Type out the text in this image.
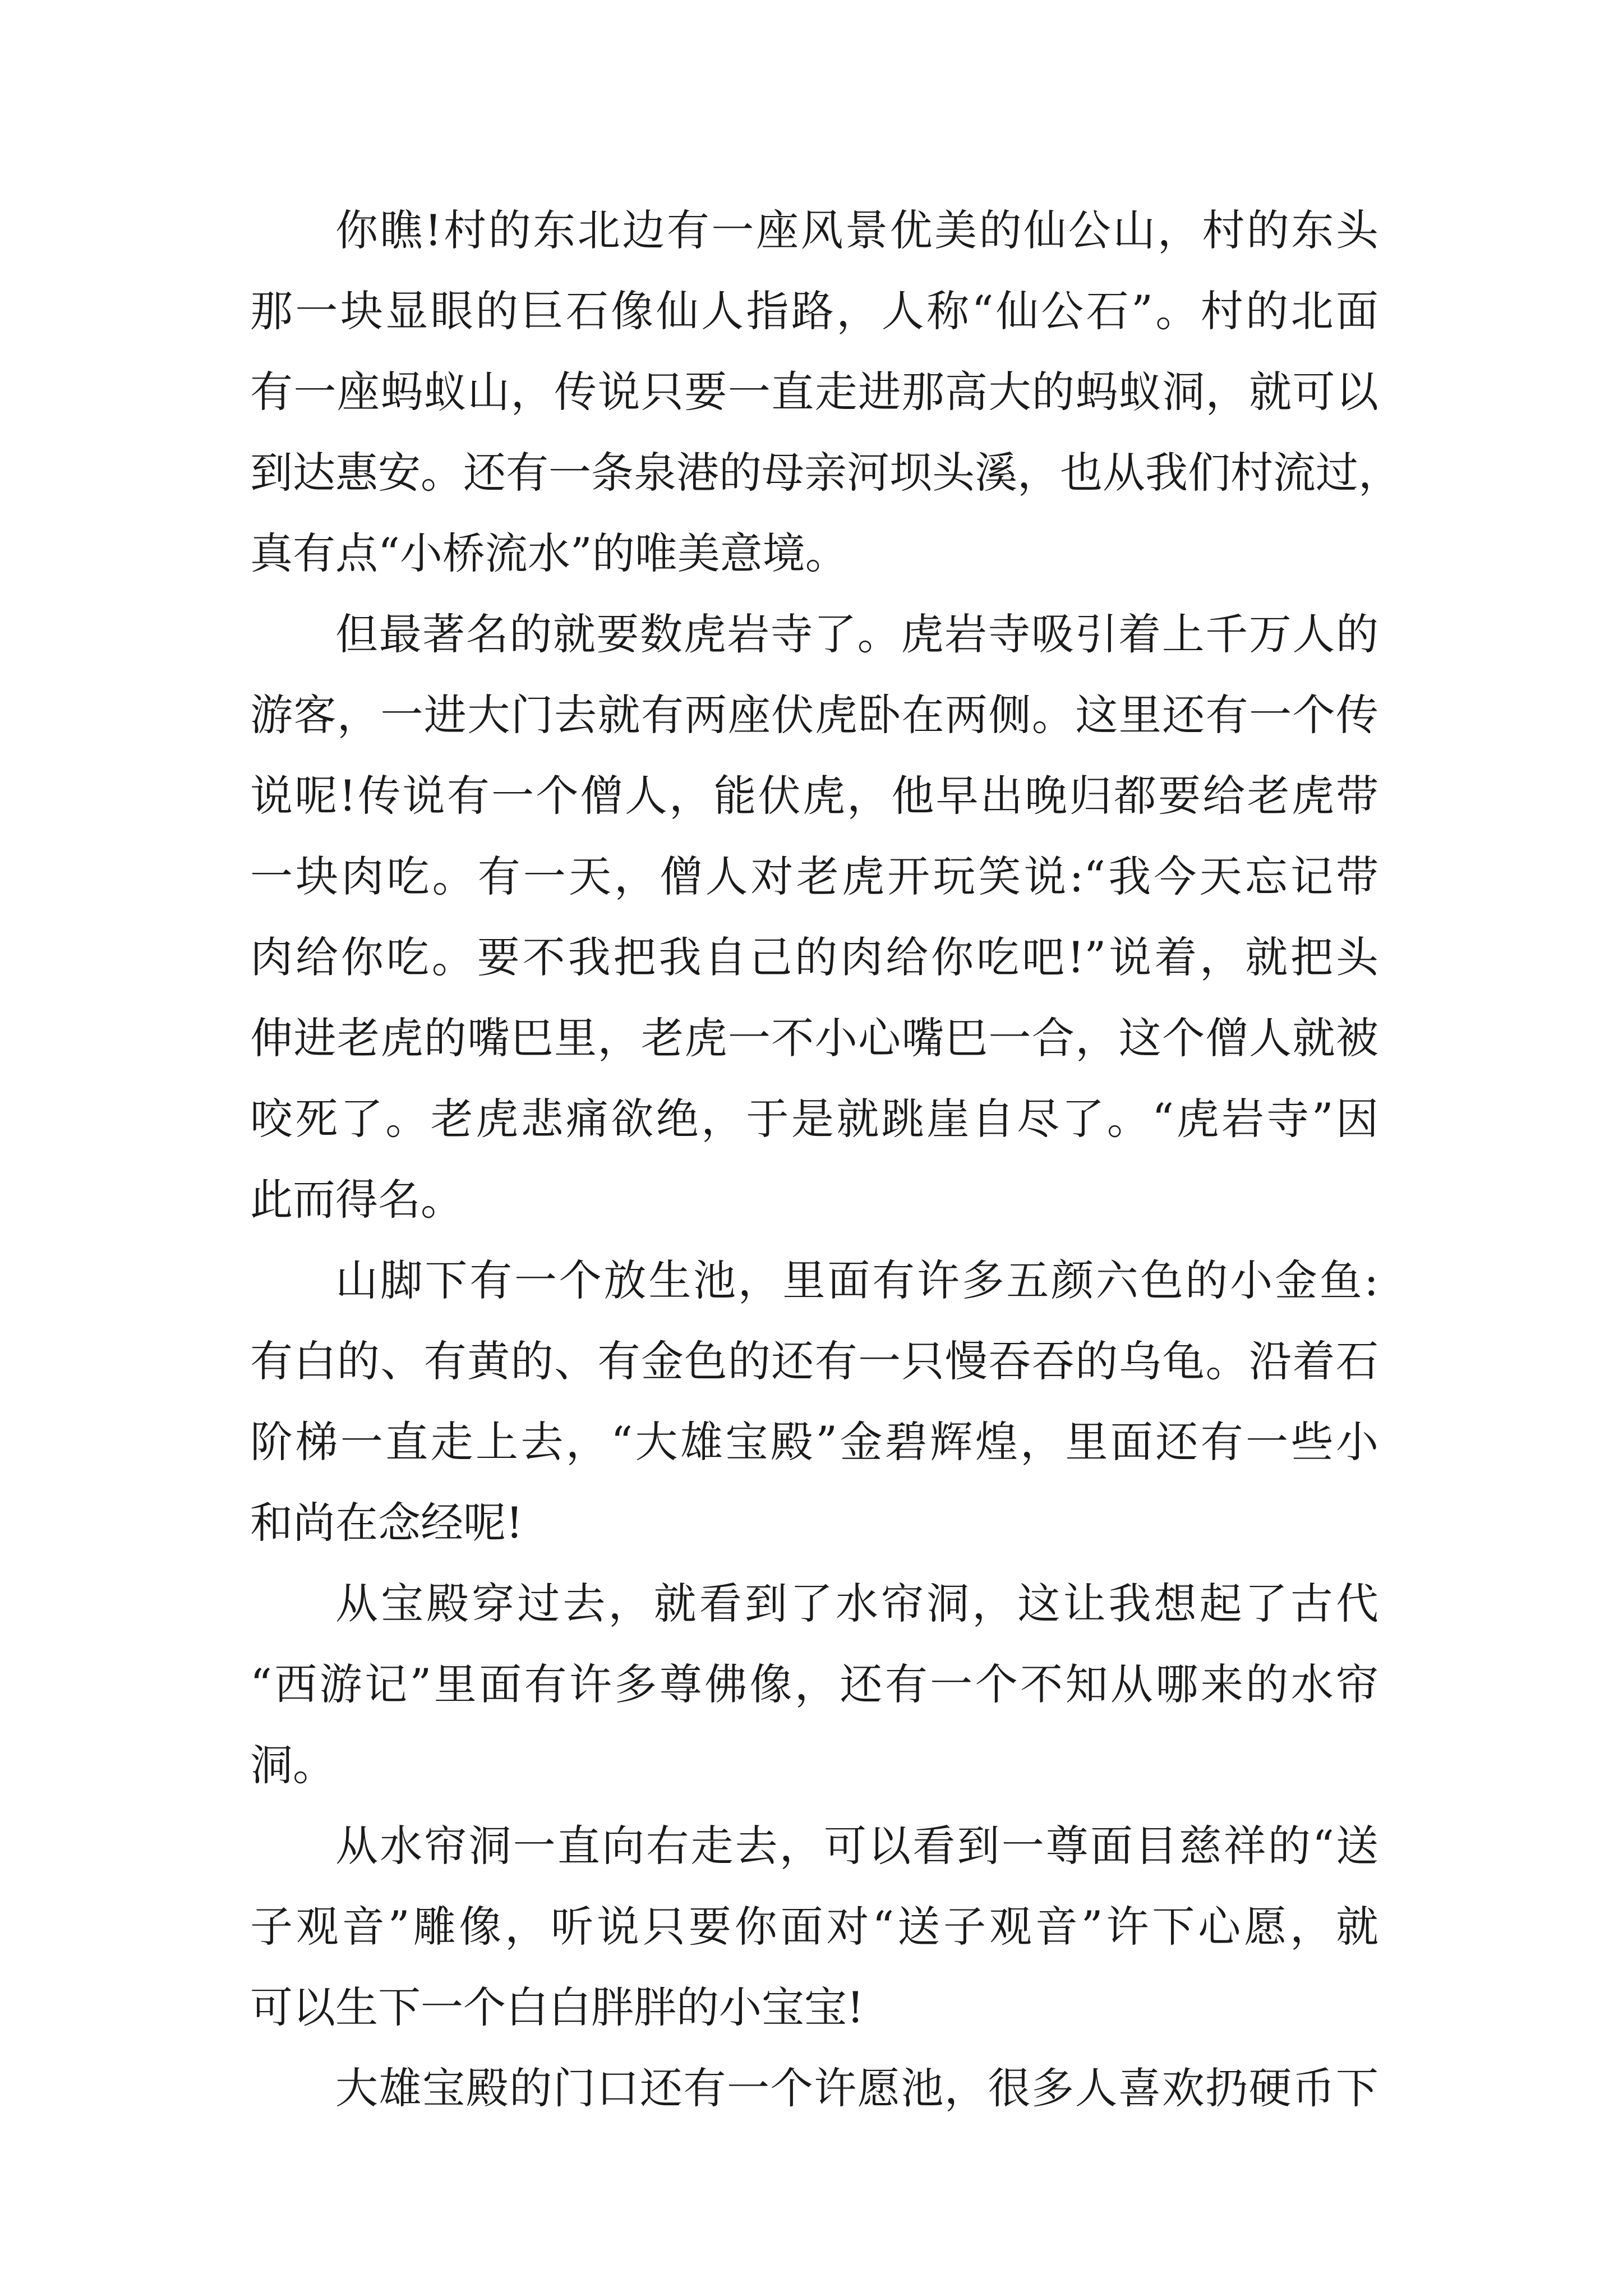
你瞧!村的东北边有一座风景优美的仙公山，村的东头
那一块显眼的巨石像仙人指路，人称“仙公石”。村的北面
有一座蚂蚁山，传说只要一直走进那高大的蚂蚁洞，就可以
到达惠安。还有一条泉港的母亲河坝头溪，也从我们村流过，
真有点“小桥流水”的唯美意境。
但最著名的就要数虎岩寺了。虎岩寺吸引着上千万人的
游客，一进大门去就有两座伏虎卧在两侧。这里还有一个传
说呢!传说有一个僧人，能伏虎，他早出晚归都要给老虎带
一块肉吃。有一天，僧人对老虎开玩笑说:“我今天忘记带
肉给你吃。要不我把我自己的肉给你吃吧!”说着，就把头
伸进老虎的嘴巴里，老虎一不小心嘴巴一合，这个僧人就被
咬死了。老虎悲痛欲绝，于是就跳崖自尽了。“虎岩寺”因
此而得名。
山脚下有一个放生池，里面有许多五颜六色的小金鱼:
有白的、有黄的、有金色的还有一只慢吞吞的乌龟。沿着石
阶梯一直走上去，“大雄宝殿”金碧辉煌，里面还有一些小
和尚在念经呢!
从宝殿穿过去，就看到了水帘洞，这让我想起了古代
“西游记”里面有许多尊佛像，还有一个不知从哪来的水帘
洞。
从水帘洞一直向右走去，可以看到一尊面目慈祥的“送
子观音”雕像，听说只要你面对“送子观音”许下心愿，就
可以生下一个白白胖胖的小宝宝!
大雄宝殿的门口还有一个许愿池，很多人喜欢扔硬币下
